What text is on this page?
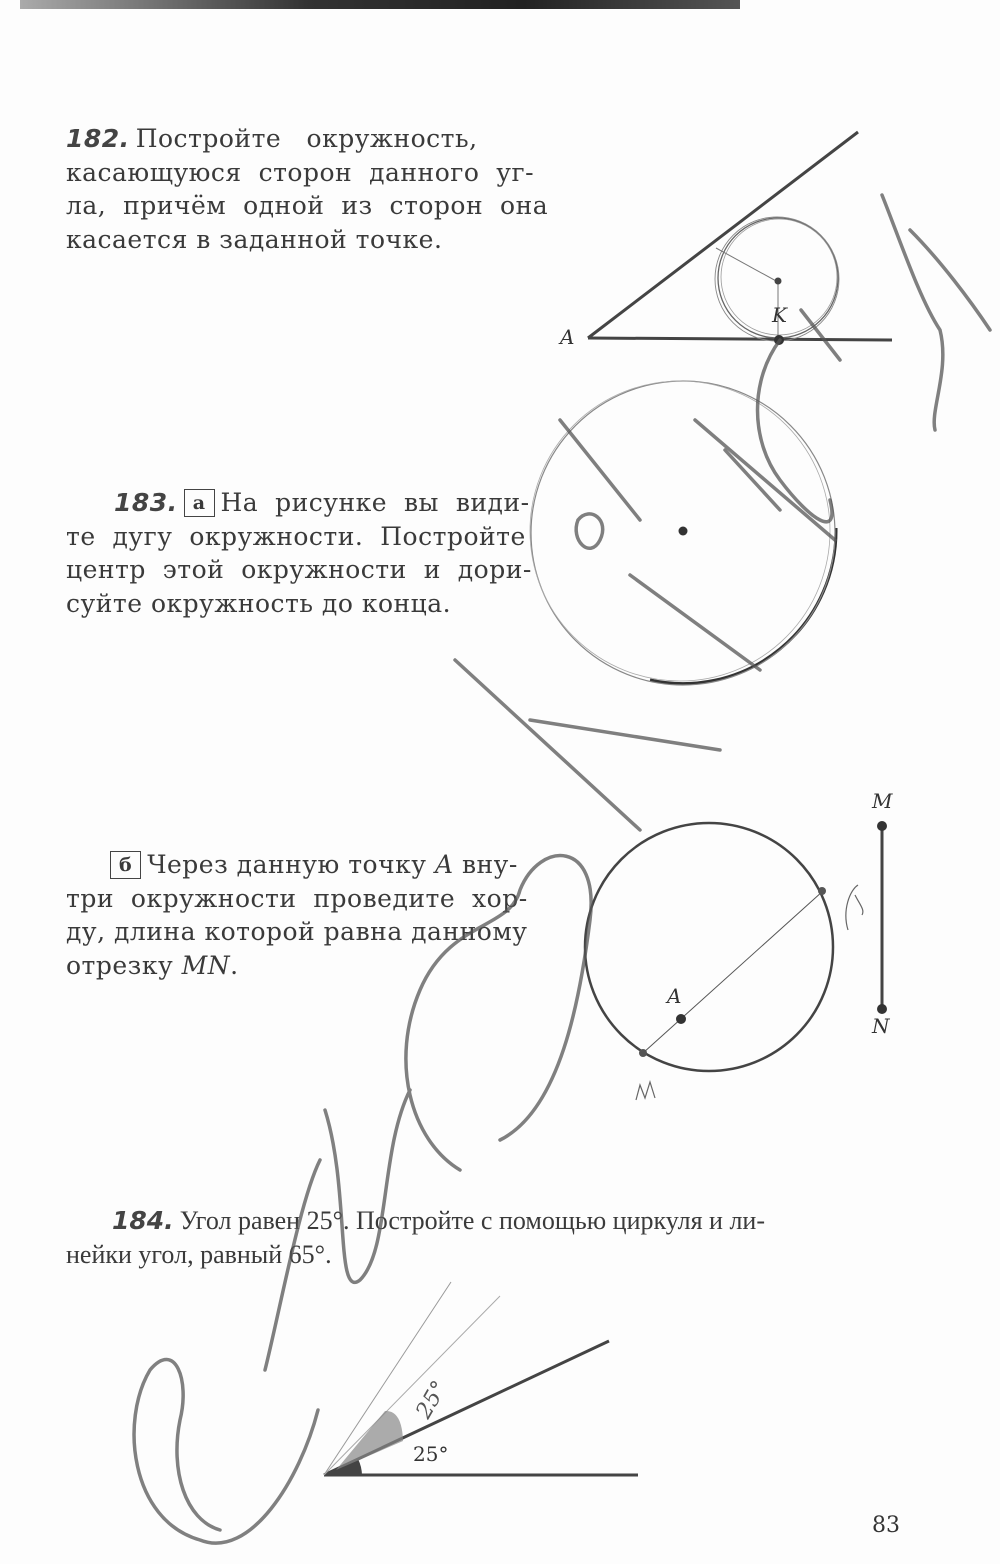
182. Постройте   окружность,
касающуюся  сторон  данного  уг-
ла,  причём  одной  из  сторон  она
касается в заданной точке.
183. а На  рисунке  вы  види-
те  дугу  окружности.  Постройте
центр  этой  окружности  и  дори-
суйте окружность до конца.
б Через данную точку A вну-
три  окружности  проведите  хор-
ду, длина которой равна данному
отрезку MN.
184. Угол равен 25°. Постройте с помощью циркуля и ли-
нейки угол, равный 65°.
A
K
A
M
N
25°
25°
83
